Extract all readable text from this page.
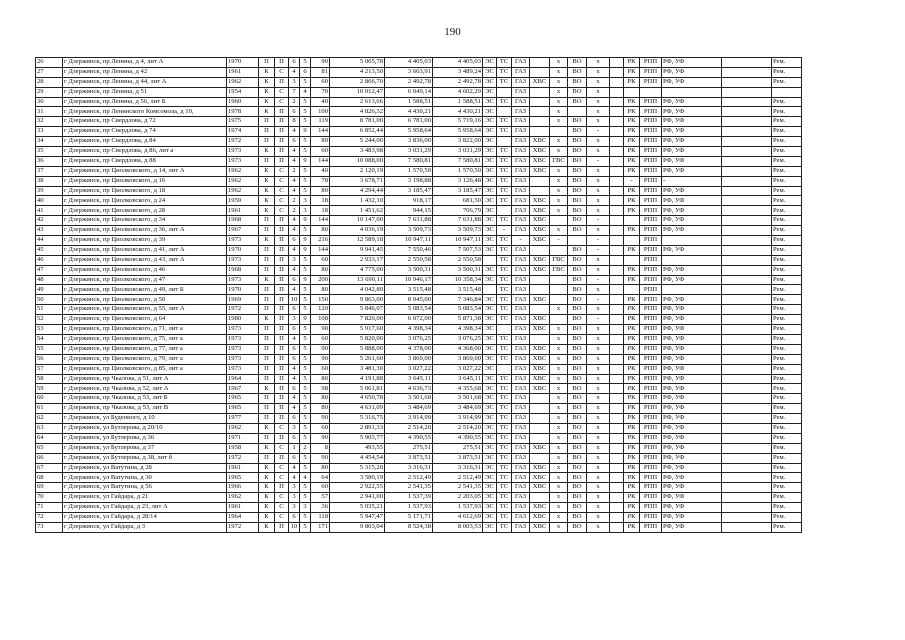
190
26	г Дзержинск, пр Ленина, д 4, лит А	1970	П	П	6	5	90	5 065,78	4 405,03	4 405,03	ЭС	ТС	ГАЗ		х	ВО	х		РК	РПП	РФ, УФ		Рем.
27	г Дзержинск, пр Ленина, д 42	1961	К	С	4	6	81	4 213,50	3 663,91	3 489,24	ЭС	ТС	ГАЗ		х	ВО	х		РК	РПП	РФ, УФ		Рем.
28	г Дзержинск, пр Ленина, д 44, лит А	1962	К	П	3	5	60	2 866,70	2 492,78	2 492,78	ЭС	ТС	ГАЗ	ХВС	х	ВО	х		РК	РПП	РФ, УФ		Рем.
29	г Дзержинск, пр Ленина, д 51	1954	К	С	7	4	70	10 012,47	6 049,14	4 602,29	ЭС		ГАЗ		х	ВО	х						
30	г Дзержинск, пр Ленина, д 56, лит Б	1960	К	С	2	5	40	2 613,66	1 588,51	1 588,51	ЭС	ТС	ГАЗ		х	ВО	х		РК	РПП	РФ, УФ		Рем.
31	г Дзержинск, пр Ленинского Комсомола, д 10,	1978	К	П	6	5	100	4 826,32	4 430,21	4 430,21	ЭС		ГАЗ		х		х		РК	РПП	РФ, УФ		Рем.
32	г Дзержинск, пр Свердлова, д 72	1975	П	П	8	5	119	8 781,00	6 781,00	5 719,16	ЭС	ТС	ГАЗ		х	ВО	х		РК	РПП	РФ, УФ		Рем.
33	г Дзержинск, пр Свердлова, д 74	1974	П	П	4	9	144	6 852,44	5 958,64	5 958,64	ЭС	ТС	ГАЗ			ВО	-		РК	РПП	РФ, УФ		Рем.
34	г Дзержинск, пр Свердлова, д 84	1972	П	П	6	5	89	5 244,00	3 836,00	3 822,00	ЭС		ГАЗ	ХВС	х	ВО	х		РК	РПП	РФ, УФ		Рем.
35	г Дзержинск, пр Свердлова, д 86, лит а	1973	К	П	4	5	60	3 483,98	3 031,29	3 031,29	ЭС	ТС	ГАЗ	ХВС	х	ВО	х		РК	РПП	РФ, УФ		Рем.
36	г Дзержинск, пр Свердлова, д 88	1973	П	П	4	9	144	10 088,00	7 580,81	7 580,81	ЭС	ТС	ГАЗ	ХВС	ГВС	ВО	-		РК	РПП	РФ, УФ		Рем.
37	г Дзержинск, пр Циолковского, д 14, лит А	1962	К	С	2	5	40	2 120,19	1 570,50	1 570,50	ЭС	ТС	ГАЗ	ХВС	х	ВО	х		РК	РПП	РФ, УФ		Рем.
38	г Дзержинск, пр Циолковского, д 16	1962	К	С	4	5	78	3 678,71	3 198,88	3 126,48	ЭС	ТС	ГАЗ		х	ВО	х		-	РПП	-		Рем.
39	г Дзержинск, пр Циолковского, д 18	1962	К	С	4	5	80	4 294,44	3 185,47	3 185,47	ЭС	ТС	ГАЗ		х	ВО	х		РК	РПП	РФ, УФ		Рем.
40	г Дзержинск, пр Циолковского, д 24	1959	К	С	2	3	18	1 432,10	918,17	681,50	ЭС	ТС	ГАЗ	ХВС	х	ВО	х		РК	РПП	РФ, УФ		Рем.
41	г Дзержинск, пр Циолковского, д 28	1961	К	С	2	3	18	1 451,62	944,15	706,79	ЭС		ГАЗ	ХВС	х	ВО	х		РК	РПП	РФ, УФ		Рем.
42	г Дзержинск, пр Циолковского, д 34	1968	П	П	4	9	144	10 147,00	7 631,88	7 631,88	ЭС	ТС	ГАЗ	ХВС		ВО	-			РПП	РФ, УФ		Рем.
43	г Дзержинск, пр Циолковского, д 36, лит А	1967	П	П	4	5	80	4 036,19	3 509,73	3 509,73	ЭС	-	ГАЗ	ХВС	х	ВО	х		РК	РПП	РФ, УФ		Рем.
44	г Дзержинск, пр Циолковского, д 39	1973	К	П	6	9	216	12 589,18	10 947,11	10 947,11	ЭС	ТС	-	ХВС	-		-			РПП			Рем.
45	г Дзержинск, пр Циолковского, д 41, лит А	1970	П	П	4	9	144	9 941,45	7 550,46	7 507,53	ЭС	ТС	ГАЗ			ВО	-		РК	РПП	РФ, УФ		Рем.
46	г Дзержинск, пр Циолковского, д 43, лит А	1973	П	П	3	5	60	2 933,17	2 550,58	2 550,58		ТС	ГАЗ	ХВС	ГВС	ВО	х			РПП			Рем.
47	г Дзержинск, пр Циолковского, д 46	1968	П	П	4	5	80	4 775,00	3 500,31	3 500,31	ЭС	ТС	ГАЗ	ХВС	ГВС	ВО	х		РК	РПП	РФ, УФ		Рем.
48	г Дзержинск, пр Циолковского, д 47	1973	К	П	6	9	200	13 690,11	10 946,17	10 358,34	ЭС	ТС	ГАЗ			ВО	-		РК	РПП	РФ, УФ		Рем.
49	г Дзержинск, пр Циолковского, д 49, лит Б	1970	П	П	4	5	80	4 042,80	3 515,48	3 515,48		ТС	ГАЗ			ВО	х			РПП			Рем.
50	г Дзержинск, пр Циолковского, д 50	1969	П	П	10	5	150	9 863,00	8 045,00	7 346,84	ЭС	ТС	ГАЗ	ХВС		ВО	-		РК	РПП	РФ, УФ		Рем.
51	г Дзержинск, пр Циолковского, д 55, лит А	1972	П	П	6	5	120	5 846,07	5 083,54	5 083,54	ЭС	ТС	ГАЗ		х	ВО	х		РК	РПП	РФ, УФ		Рем.
52	г Дзержинск, пр Циолковского, д 64	1980	К	П	3	9	108	7 820,00	6 072,00	5 871,38	ЭС	ТС	ГАЗ	ХВС		ВО	-		РК	РПП	РФ, УФ		Рем.
53	г Дзержинск, пр Циолковского, д 71, лит а	1973	П	П	6	5	90	5 917,60	4 398,34	4 398,34	ЭС		ГАЗ	ХВС	х	ВО	х		РК	РПП	РФ, УФ		Рем.
54	г Дзержинск, пр Циолковского, д 75, лит а	1973	П	П	4	5	60	5 820,00	3 076,25	3 076,25	ЭС	ТС	ГАЗ		х	ВО	х		РК	РПП	РФ, УФ		Рем.
55	г Дзержинск, пр Циолковского, д 77, лит а	1973	П	П	6	5	90	5 888,00	4 378,00	4 368,00	ЭС	ТС	ГАЗ	ХВС	х	ВО	х		РК	РПП	РФ, УФ		Рем.
56	г Дзержинск, пр Циолковского, д 79, лит а	1973	П	П	6	5	90	5 261,60	3 869,00	3 869,00	ЭС	ТС	ГАЗ	ХВС	х	ВО	х		РК	РПП	РФ, УФ		Рем.
57	г Дзержинск, пр Циолковского, д 85, лит а	1973	П	П	4	5	60	3 481,30	3 027,22	3 027,22	ЭС		ГАЗ	ХВС	х	ВО	х		РК	РПП	РФ, УФ		Рем.
58	г Дзержинск, пр Чкалова, д 51, лит А	1964	П	П	4	5	80	4 191,88	3 645,11	3 645,11	ЭС	ТС	ГАЗ	ХВС	х	ВО	х		РК	РПП	РФ, УФ		Рем.
59	г Дзержинск, пр Чкалова, д 52, лит А	1967	К	П	6	5	98	5 061,81	4 636,73	4 355,68	ЭС	ТС	ГАЗ	ХВС	х	ВО	х		РК	РПП	РФ, УФ		Рем.
60	г Дзержинск, пр Чкалова, д 53, лит Б	1965	П	П	4	5	80	4 650,78	3 501,68	3 501,68	ЭС	ТС	ГАЗ		х	ВО	х		РК	РПП	РФ, УФ		Рем.
61	г Дзержинск, пр Чкалова, д 53, лит В	1965	П	П	4	5	80	4 631,09	3 484,69	3 484,69	ЭС	ТС	ГАЗ		х	ВО	х		РК	РПП	РФ, УФ		Рем.
62	г Дзержинск, ул Буденного, д 10	1977	П	П	6	5	90	5 316,75	3 914,99	3 914,99	ЭС	ТС	ГАЗ		х	ВО	х		РК	РПП	РФ, УФ		Рем.
63	г Дзержинск, ул Бутлерова, д 20/10	1962	К	С	3	5	60	2 891,33	2 514,20	2 514,20	ЭС	ТС	ГАЗ		х	ВО	х		РК	РПП	РФ, УФ		Рем.
64	г Дзержинск, ул Бутлерова, д 36	1971	П	П	6	5	90	5 903,77	4 390,55	4 390,55	ЭС	ТС	ГАЗ		х	ВО	х		РК	РПП	РФ, УФ		Рем.
65	г Дзержинск, ул Бутлерова, д 37	1958	К	С	1	2	8	493,55	275,51	275,51	ЭС	ТС	ГАЗ	ХВС	х	ВО	х		РК	РПП	РФ, УФ		Рем.
66	г Дзержинск, ул Бутлерова, д 38, лит б	1972	П	П	6	5	90	4 454,54	3 873,51	3 873,51	ЭС	ТС	ГАЗ		х	ВО	х		РК	РПП	РФ, УФ		Рем.
67	г Дзержинск, ул Ватутина, д 28	1961	К	С	4	5	80	5 315,20	3 316,31	3 316,31	ЭС	ТС	ГАЗ	ХВС	х	ВО	х		РК	РПП	РФ, УФ		Рем.
68	г Дзержинск, ул Ватутина, д 30	1965	К	С	4	4	64	3 580,19	2 512,49	2 512,49	ЭС	ТС	ГАЗ	ХВС	х	ВО	х		РК	РПП	РФ, УФ		Рем.
69	г Дзержинск, ул Ватутина, д 56	1966	К	П	3	5	60	2 922,55	2 541,35	2 541,35	ЭС	ТС	ГАЗ	ХВС	х	ВО	х		РК	РПП	РФ, УФ		Рем.
70	г Дзержинск, ул Гайдара, д 21	1962	К	С	3	5	57	2 941,00	1 537,39	2 203,05	ЭС	ТС	ГАЗ		х	ВО	х		РК	РПП	РФ, УФ		Рем.
71	г Дзержинск, ул Гайдара, д 23, лит А	1961	К	С	3	3	36	5 035,21	1 537,93	1 537,93	ЭС	ТС	ГАЗ	ХВС	х	ВО	х		РК	РПП	РФ, УФ		Рем.
72	г Дзержинск, ул Гайдара, д 28/14	1964	К	С	6	5	118	5 947,47	5 171,71	4 612,69	ЭС	ТС	ГАЗ	ХВС	х	ВО	х		РК	РПП	РФ, УФ		Рем.
73	г Дзержинск, ул Гайдара, д 3	1972	К	П	10	5	171	9 803,04	8 524,38	8 003,53	ЭС	ТС	ГАЗ	ХВС	х	ВО	х		РК	РПП	РФ, УФ		Рем.
